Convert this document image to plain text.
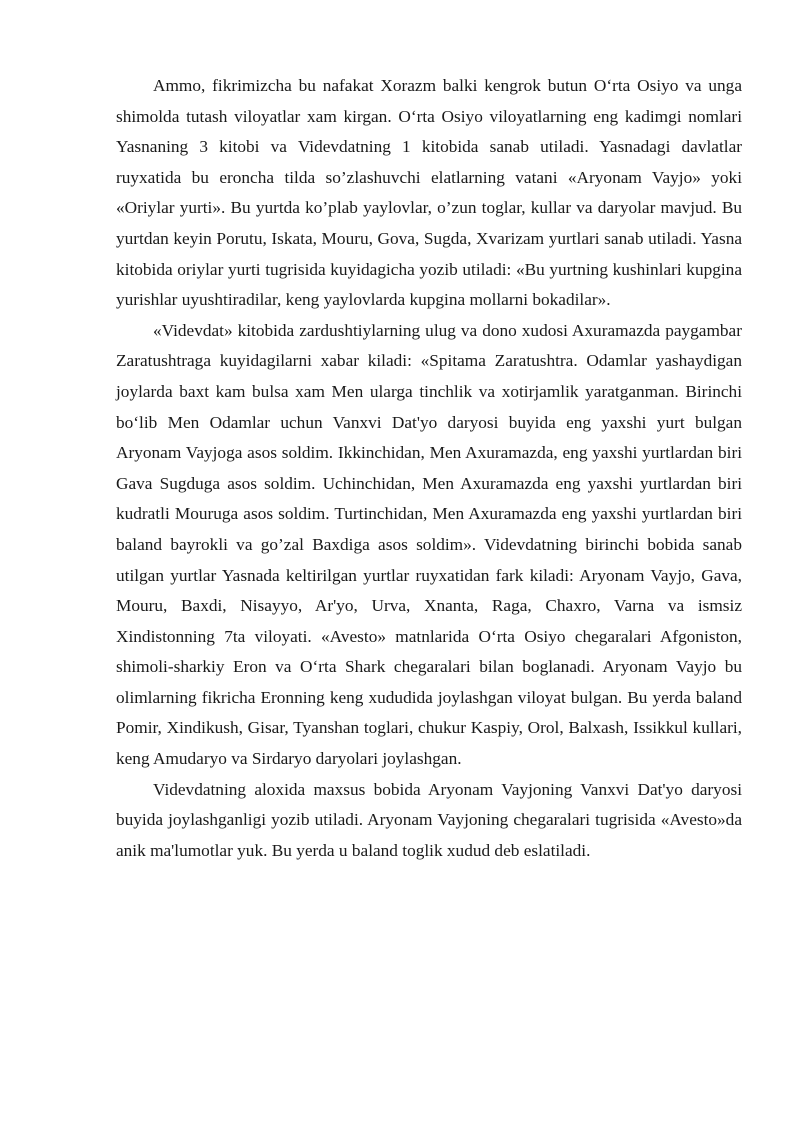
Ammo, fikrimizcha bu nafakat Xorazm balki kengrok butun O‘rta Osiyo va unga shimolda tutash viloyatlar xam kirgan. O‘rta Osiyo viloyatlarning eng kadimgi nomlari Yasnaning 3 kitobi va Videvdatning 1 kitobida sanab utiladi. Yasnadagi davlatlar ruyxatida bu eroncha tilda so’zlashuvchi elatlarning vatani «Aryonam Vayjo» yoki «Oriylar yurti». Bu yurtda ko’plab yaylovlar, o’zun toglar, kullar va daryolar mavjud. Bu yurtdan keyin Porutu, Iskata, Mouru, Gova, Sugda, Xvarizam yurtlari sanab utiladi. Yasna kitobida oriylar yurti tugrisida kuyidagicha yozib utiladi: «Bu yurtning kushinlari kupgina yurishlar uyushtiradilar, keng yaylovlarda kupgina mollarni bokadilar».

«Videvdat» kitobida zardushtiylarning ulug va dono xudosi Axuramazda paygambar Zaratushtraga kuyidagilarni xabar kiladi: «Spitama Zaratushtra. Odamlar yashaydigan joylarda baxt kam bulsa xam Men ularga tinchlik va xotirjamlik yaratganman. Birinchi bo‘lib Men Odamlar uchun Vanxvi Dat'yo daryosi buyida eng yaxshi yurt bulgan Aryonam Vayjoga asos soldim. Ikkinchidan, Men Axuramazda, eng yaxshi yurtlardan biri Gava Sugduga asos soldim. Uchinchidan, Men Axuramazda eng yaxshi yurtlardan biri kudratli Mouruga asos soldim. Turtinchidan, Men Axuramazda eng yaxshi yurtlardan biri baland bayrokli va go’zal Baxdiga asos soldim». Videvdatning birinchi bobida sanab utilgan yurtlar Yasnada keltirilgan yurtlar ruyxatidan fark kiladi: Aryonam Vayjo, Gava, Mouru, Baxdi, Nisayyo, Ar'yo, Urva, Xnanta, Raga, Chaxro, Varna va ismsiz Xindistonning 7ta viloyati. «Avesto» matnlarida O‘rta Osiyo chegaralari Afgoniston, shimoli-sharkiy Eron va O‘rta Shark chegaralari bilan boglanadi. Aryonam Vayjo bu olimlarning fikricha Eronning keng xududida joylashgan viloyat bulgan. Bu yerda baland Pomir, Xindikush, Gisar, Tyanshan toglari, chukur Kaspiy, Orol, Balxash, Issikkul kullari, keng Amudaryo va Sirdaryo daryolari joylashgan.

Videvdatning aloxida maxsus bobida Aryonam Vayjoning Vanxvi Dat'yo daryosi buyida joylashganligi yozib utiladi. Aryonam Vayjoning chegaralari tugrisida «Avesto»da anik ma'lumotlar yuk. Bu yerda u baland toglik xudud deb eslatiladi.
